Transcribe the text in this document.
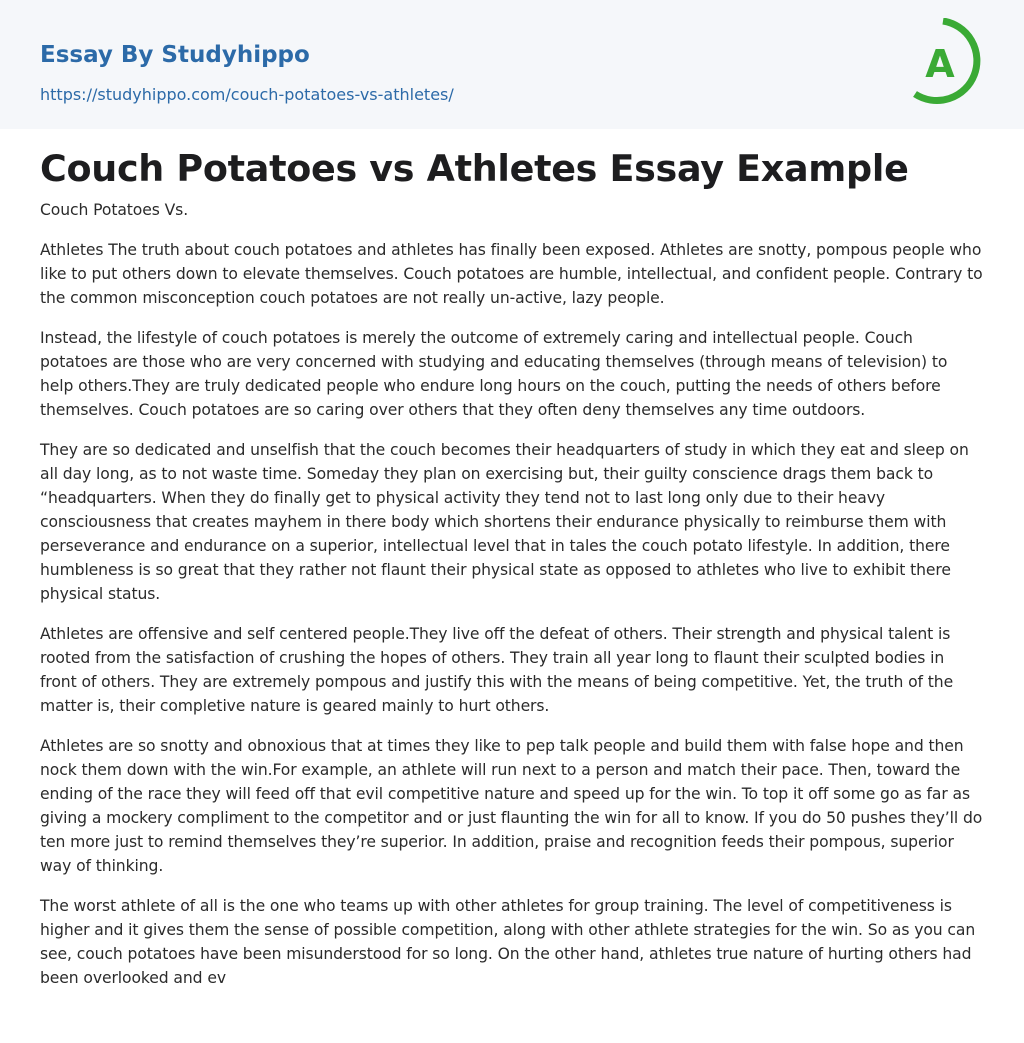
Essay By Studyhippo
https://studyhippo.com/couch-potatoes-vs-athletes/
A
Couch Potatoes vs Athletes Essay Example

Couch Potatoes Vs.

Athletes The truth about couch potatoes and athletes has finally been exposed. Athletes are snotty, pompous people who like to put others down to elevate themselves. Couch potatoes are humble, intellectual, and confident people. Contrary to the common misconception couch potatoes are not really un-active, lazy people.

Instead, the lifestyle of couch potatoes is merely the outcome of extremely caring and intellectual people. Couch potatoes are those who are very concerned with studying and educating themselves (through means of television) to help others.They are truly dedicated people who endure long hours on the couch, putting the needs of others before themselves. Couch potatoes are so caring over others that they often deny themselves any time outdoors.

They are so dedicated and unselfish that the couch becomes their headquarters of study in which they eat and sleep on all day long, as to not waste time. Someday they plan on exercising but, their guilty conscience drags them back to “headquarters. When they do finally get to physical activity they tend not to last long only due to their heavy consciousness that creates mayhem in there body which shortens their endurance physically to reimburse them with perseverance and endurance on a superior, intellectual level that in tales the couch potato lifestyle. In addition, there humbleness is so great that they rather not flaunt their physical state as opposed to athletes who live to exhibit there physical status.

Athletes are offensive and self centered people.They live off the defeat of others. Their strength and physical talent is rooted from the satisfaction of crushing the hopes of others. They train all year long to flaunt their sculpted bodies in front of others. They are extremely pompous and justify this with the means of being competitive. Yet, the truth of the matter is, their completive nature is geared mainly to hurt others.

Athletes are so snotty and obnoxious that at times they like to pep talk people and build them with false hope and then nock them down with the win.For example, an athlete will run next to a person and match their pace. Then, toward the ending of the race they will feed off that evil competitive nature and speed up for the win. To top it off some go as far as giving a mockery compliment to the competitor and or just flaunting the win for all to know. If you do 50 pushes they’ll do ten more just to remind themselves they’re superior. In addition, praise and recognition feeds their pompous, superior way of thinking.

The worst athlete of all is the one who teams up with other athletes for group training. The level of competitiveness is higher and it gives them the sense of possible competition, along with other athlete strategies for the win. So as you can see, couch potatoes have been misunderstood for so long. On the other hand, athletes true nature of hurting others had been overlooked and ev
